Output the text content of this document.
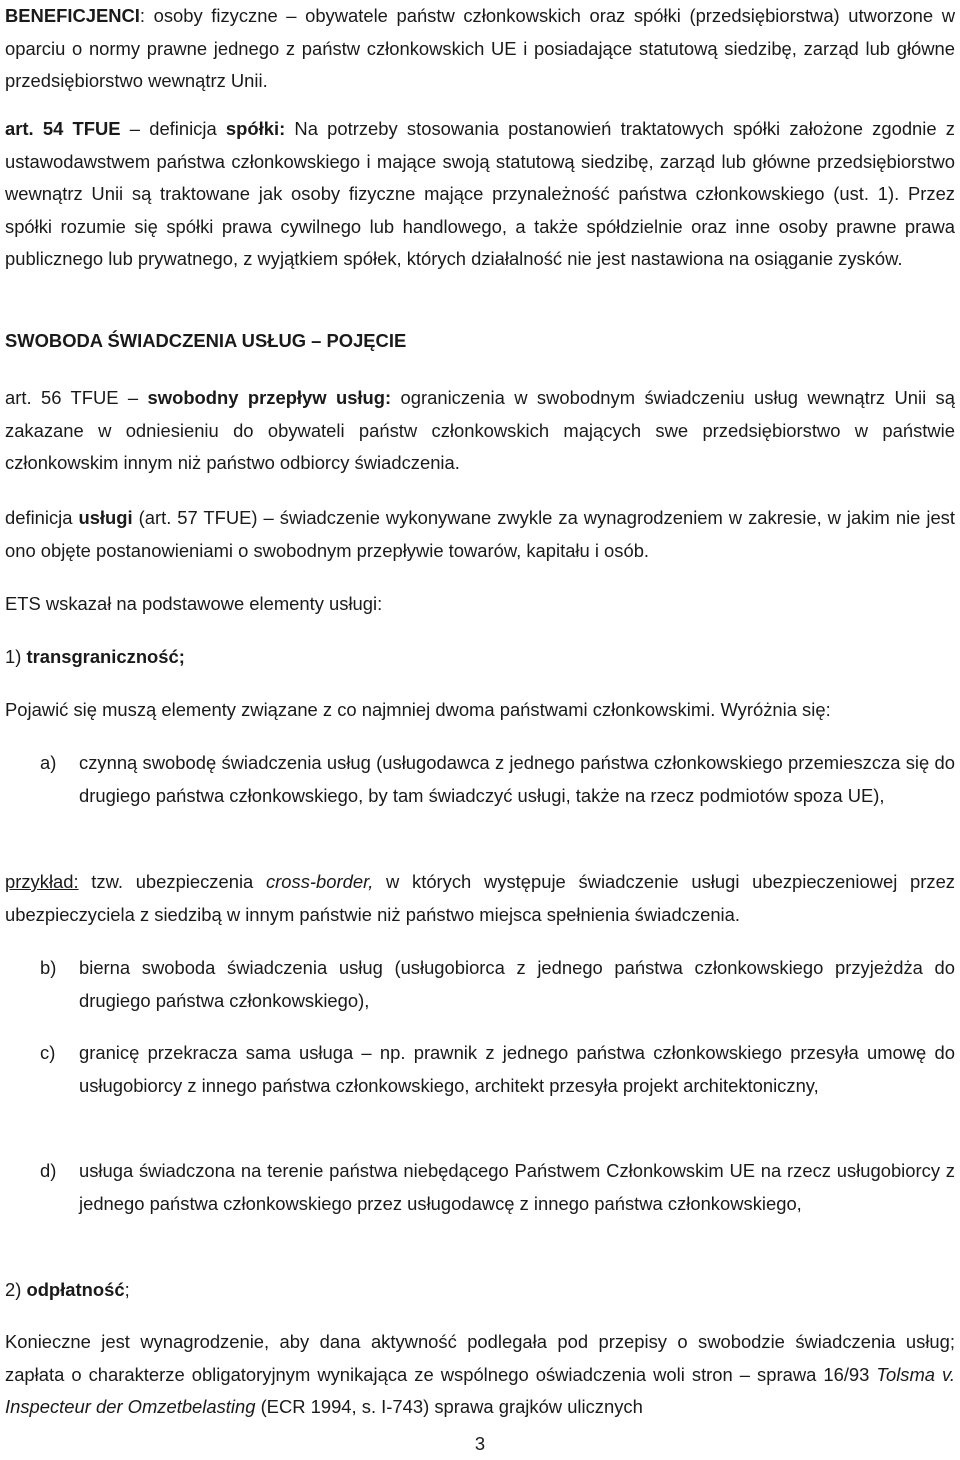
BENEFICJENCI: osoby fizyczne – obywatele państw członkowskich oraz spółki (przedsiębiorstwa) utworzone w oparciu o normy prawne jednego z państw członkowskich UE i posiadające statutową siedzibę, zarząd lub główne przedsiębiorstwo wewnątrz Unii.

art. 54 TFUE – definicja spółki: Na potrzeby stosowania postanowień traktatowych spółki założone zgodnie z ustawodawstwem państwa członkowskiego i mające swoją statutową siedzibę, zarząd lub główne przedsiębiorstwo wewnątrz Unii są traktowane jak osoby fizyczne mające przynależność państwa członkowskiego (ust. 1). Przez spółki rozumie się spółki prawa cywilnego lub handlowego, a także spółdzielnie oraz inne osoby prawne prawa publicznego lub prywatnego, z wyjątkiem spółek, których działalność nie jest nastawiona na osiąganie zysków.

SWOBODA ŚWIADCZENIA USŁUG – POJĘCIE

art. 56 TFUE – swobodny przepływ usług: ograniczenia w swobodnym świadczeniu usług wewnątrz Unii są zakazane w odniesieniu do obywateli państw członkowskich mających swe przedsiębiorstwo w państwie członkowskim innym niż państwo odbiorcy świadczenia.

definicja usługi (art. 57 TFUE) – świadczenie wykonywane zwykle za wynagrodzeniem w zakresie, w jakim nie jest ono objęte postanowieniami o swobodnym przepływie towarów, kapitału i osób.

ETS wskazał na podstawowe elementy usługi:

1) transgraniczność;

Pojawić się muszą elementy związane z co najmniej dwoma państwami członkowskimi. Wyróżnia się:

a)	czynną swobodę świadczenia usług (usługodawca z jednego państwa członkowskiego przemieszcza się do drugiego państwa członkowskiego, by tam świadczyć usługi, także na rzecz podmiotów spoza UE),

przykład: tzw. ubezpieczenia cross-border, w których występuje świadczenie usługi ubezpieczeniowej przez ubezpieczyciela z siedzibą w innym państwie niż państwo miejsca spełnienia świadczenia.

b)	bierna swoboda świadczenia usług (usługobiorca z jednego państwa członkowskiego przyjeżdża do drugiego państwa członkowskiego),
c)	granicę przekracza sama usługa – np. prawnik z jednego państwa członkowskiego przesyła umowę do usługobiorcy z innego państwa członkowskiego, architekt przesyła projekt architektoniczny,
d)	usługa świadczona na terenie państwa niebędącego Państwem Członkowskim UE na rzecz usługobiorcy z jednego państwa członkowskiego przez usługodawcę z innego państwa członkowskiego,

2) odpłatność;

Konieczne jest wynagrodzenie, aby dana aktywność podlegała pod przepisy o swobodzie świadczenia usług; zapłata o charakterze obligatoryjnym wynikająca ze wspólnego oświadczenia woli stron – sprawa 16/93 Tolsma v. Inspecteur der Omzetbelasting (ECR 1994, s. I-743) sprawa grajków ulicznych

3
